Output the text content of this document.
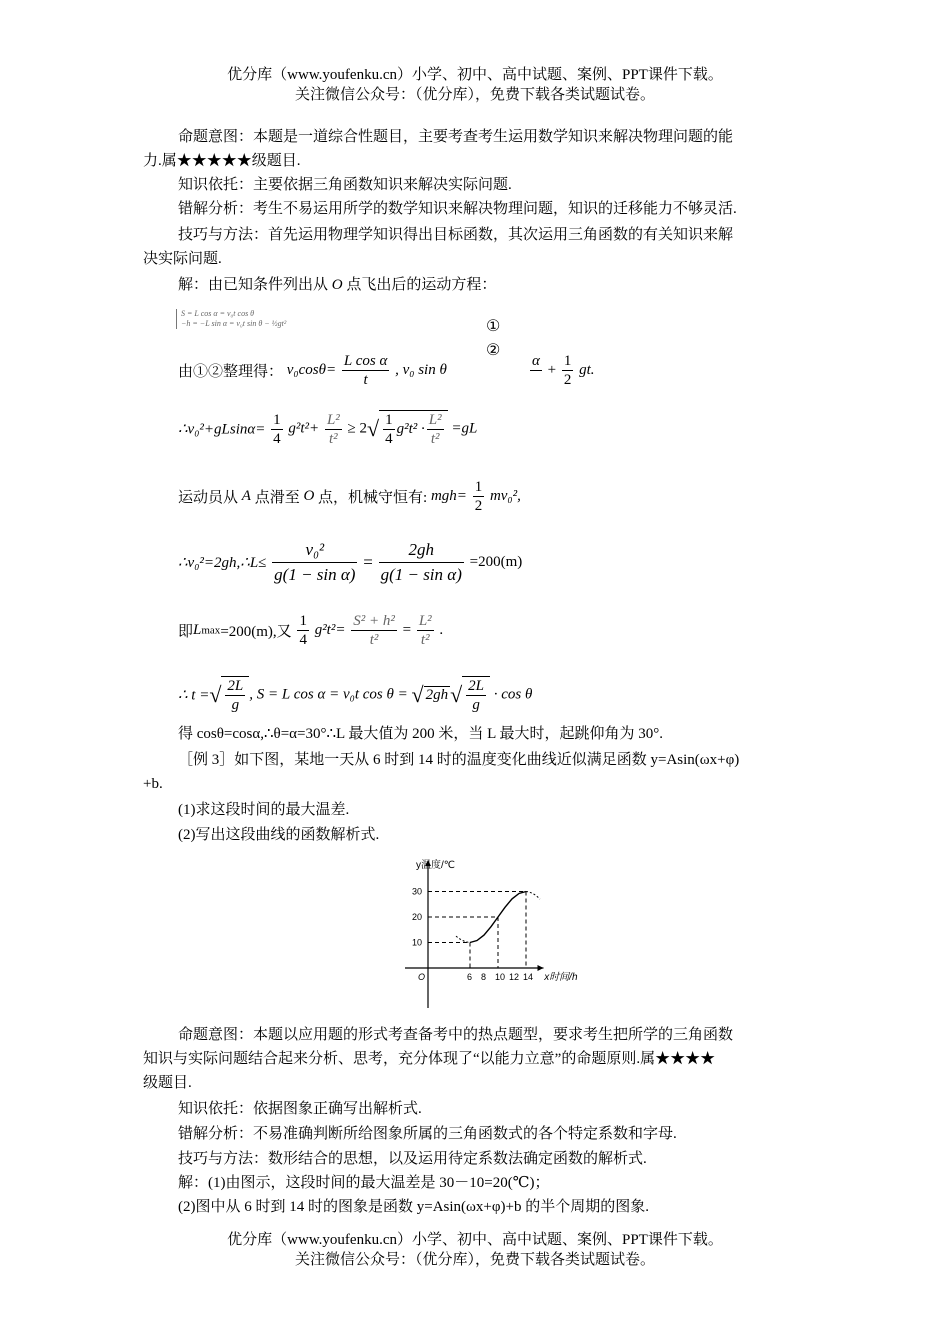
优分库（www.youfenku.cn）小学、初中、高中试题、案例、PPT课件下载。
关注微信公众号：（优分库），免费下载各类试题试卷。
命题意图：本题是一道综合性题目，主要考查考生运用数学知识来解决物理问题的能
力.属★★★★★级题目.
知识依托：主要依据三角函数知识来解决实际问题.
错解分析：考生不易运用所学的数学知识来解决物理问题，知识的迁移能力不够灵活.
技巧与方法：首先运用物理学知识得出目标函数，其次运用三角函数的有关知识来解
决实际问题.
解：由已知条件列出从 O 点飞出后的运动方程：
S = L cos α = v₀t cos θ
−h = −L sin α = v₀t sin θ − ½gt²	①
②
由①②整理得： $v_0\cos\theta= \frac{\text{L cos α}}{t}$ , v₀ sin θ
α

+ $\frac{1}{2}$ gt.
∴v₀²+gLsinα= $\frac{1}{4} g^2t^2+ \frac{\text{L²}}{\text{t²}} \ge 2√ \frac{1}{4} g^2t^2 \cdot \frac{\text{L²}}{\text{t²}} =gL$
运动员从 A 点滑至 O 点，机械守恒有: $mgh= \frac{1}{2} mv_0^2$,
∴v₀²=2gh,∴L≤ $\frac{\text{v₀²}}{\text{g(1 − sin α)}} = \frac{2gh}{\text{g(1 − sin α)}} =200(m)$
即Lmax=200(m),又 $\frac{1}{4} g^2t^2= \frac{\text{S² + h²}}{\text{t²}} = \frac{\text{L²}}{\text{t²}}$ .
∴ t =√ $\frac{2L}{g}$ , S = L cos α = v₀t cos θ = √ $2gh√ \frac{2L}{g} \cdot \cos \theta$
得 cosθ=cosα,∴θ=α=30°∴L 最大值为 200 米，当 L 最大时，起跳仰角为 30°.
［例 3］如下图，某地一天从 6 时到 14 时的温度变化曲线近似满足函数 y=Asin(ωx+φ)
+b.
(1)求这段时间的最大温差.
(2)写出这段曲线的函数解析式.
y温度/℃
x时间/h
O
10
20
30
6 8 10 12 14
命题意图：本题以应用题的形式考查备考中的热点题型，要求考生把所学的三角函数
知识与实际问题结合起来分析、思考，充分体现了“以能力立意”的命题原则.属★★★★
级题目.
知识依托：依据图象正确写出解析式.
错解分析：不易准确判断所给图象所属的三角函数式的各个特定系数和字母.
技巧与方法：数形结合的思想，以及运用待定系数法确定函数的解析式.
解：(1)由图示，这段时间的最大温差是 30－10=20(℃)；
(2)图中从 6 时到 14 时的图象是函数 y=Asin(ωx+φ)+b 的半个周期的图象.
优分库（www.youfenku.cn）小学、初中、高中试题、案例、PPT课件下载。
关注微信公众号：（优分库），免费下载各类试题试卷。
